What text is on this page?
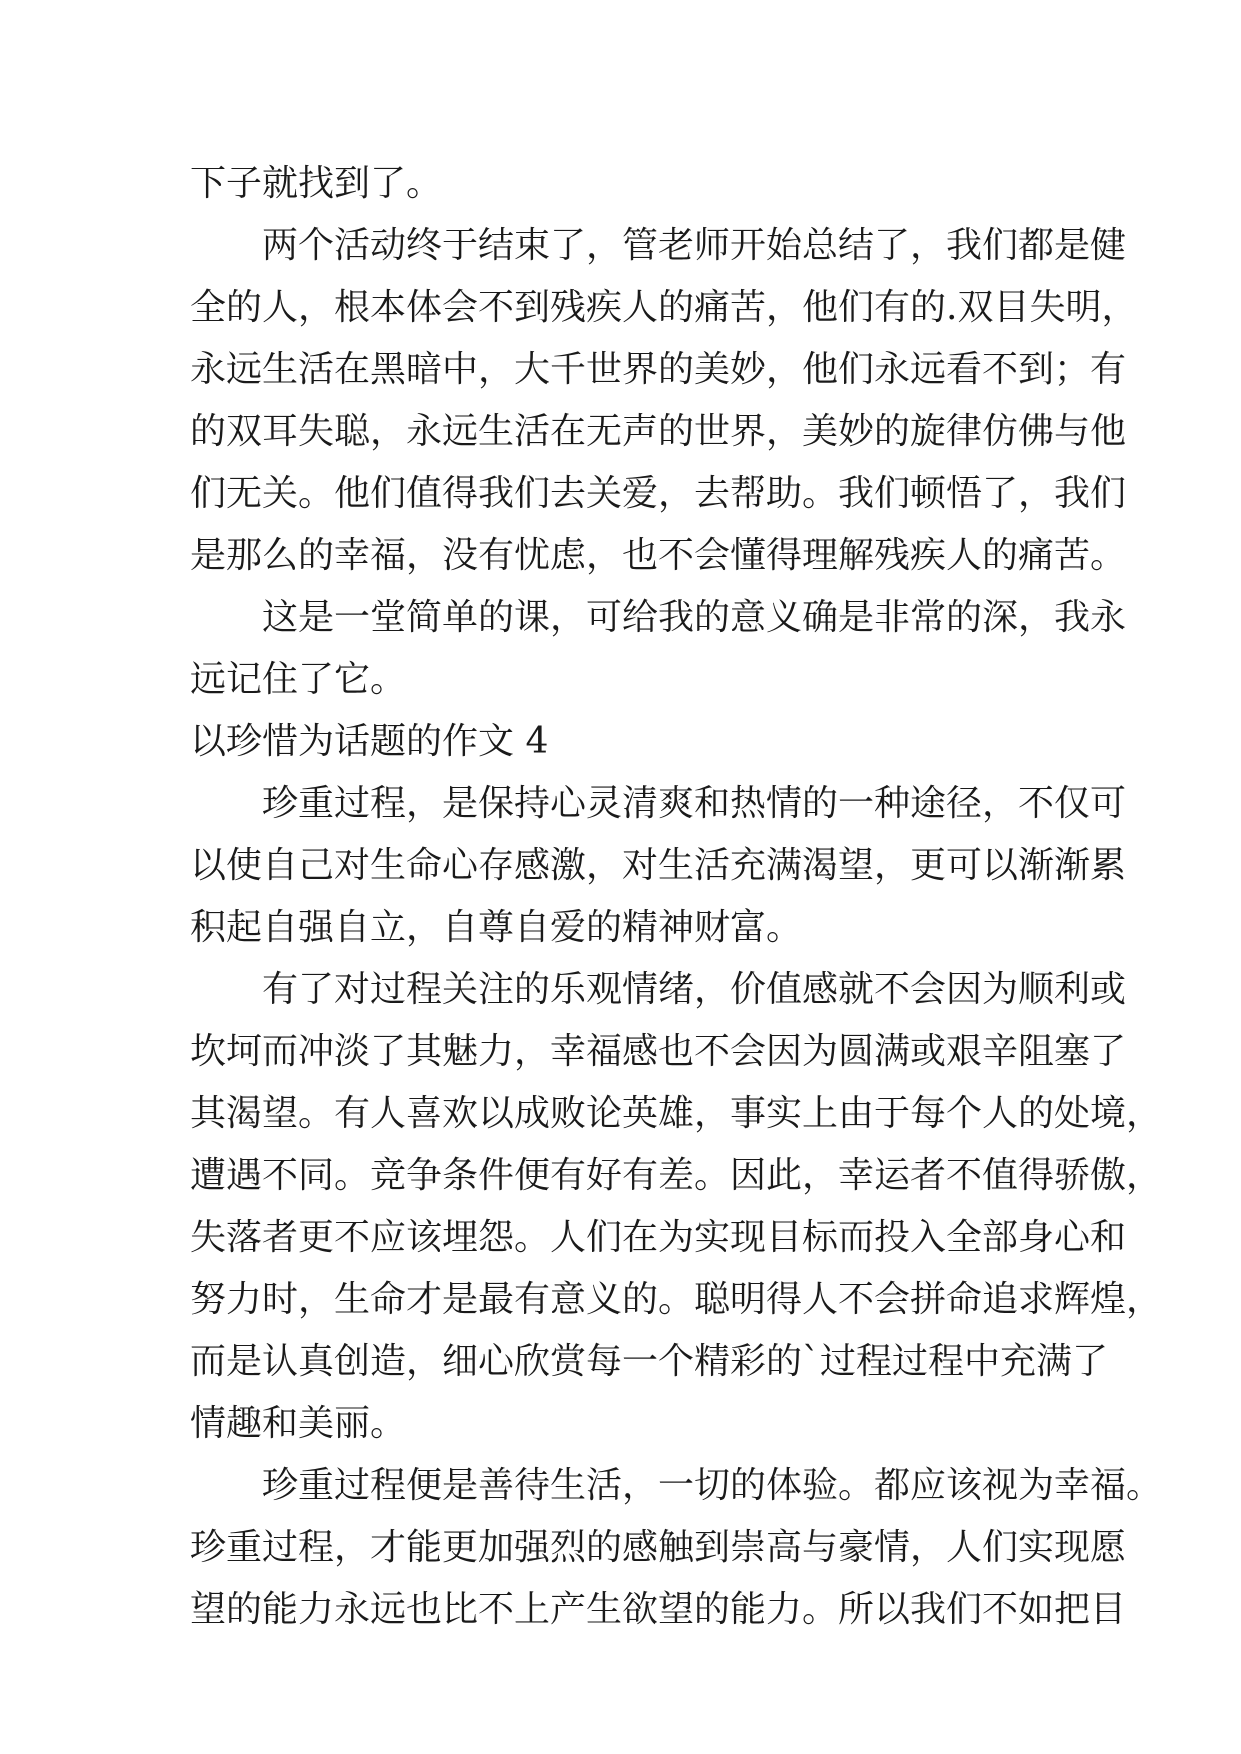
下子就找到了。
两个活动终于结束了，管老师开始总结了，我们都是健
全的人，根本体会不到残疾人的痛苦，他们有的.双目失明，
永远生活在黑暗中，大千世界的美妙，他们永远看不到；有
的双耳失聪，永远生活在无声的世界，美妙的旋律仿佛与他
们无关。他们值得我们去关爱，去帮助。我们顿悟了，我们
是那么的幸福，没有忧虑，也不会懂得理解残疾人的痛苦。
这是一堂简单的课，可给我的意义确是非常的深，我永
远记住了它。
以珍惜为话题的作文 4
珍重过程，是保持心灵清爽和热情的一种途径，不仅可
以使自己对生命心存感激，对生活充满渴望，更可以渐渐累
积起自强自立，自尊自爱的精神财富。
有了对过程关注的乐观情绪，价值感就不会因为顺利或
坎坷而冲淡了其魅力，幸福感也不会因为圆满或艰辛阻塞了
其渴望。有人喜欢以成败论英雄，事实上由于每个人的处境，
遭遇不同。竞争条件便有好有差。因此，幸运者不值得骄傲，
失落者更不应该埋怨。人们在为实现目标而投入全部身心和
努力时，生命才是最有意义的。聪明得人不会拼命追求辉煌，
而是认真创造，细心欣赏每一个精彩的`过程过程中充满了
情趣和美丽。
珍重过程便是善待生活，一切的体验。都应该视为幸福。
珍重过程，才能更加强烈的感触到崇高与豪情，人们实现愿
望的能力永远也比不上产生欲望的能力。所以我们不如把目
